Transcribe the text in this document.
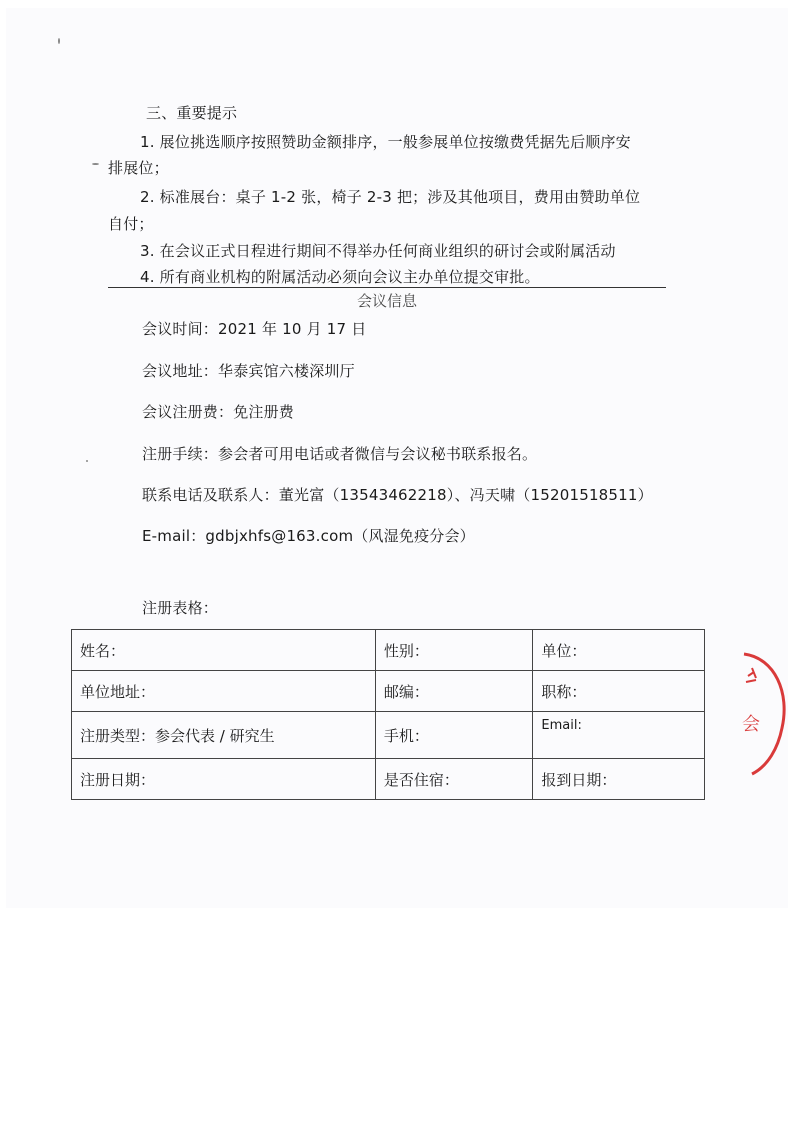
三、重要提示
1. 展位挑选顺序按照赞助金额排序，一般参展单位按缴费凭据先后顺序安
排展位；
2. 标准展台：桌子 1-2 张，椅子 2-3 把；涉及其他项目，费用由赞助单位
自付；
3. 在会议正式日程进行期间不得举办任何商业组织的研讨会或附属活动
4. 所有商业机构的附属活动必须向会议主办单位提交审批。
会议信息
会议时间：2021 年 10 月 17 日
会议地址：华泰宾馆六楼深圳厅
会议注册费：免注册费
注册手续：参会者可用电话或者微信与会议秘书联系报名。
联系电话及联系人：董光富（13543462218）、冯天啸（15201518511）
E-mail：gdbjxhfs@163.com（风湿免疫分会）
注册表格：
姓名：	性别：	单位：
单位地址：	邮编：	职称：
注册类型：参会代表 / 研究生	手机：	Email:
注册日期：	是否住宿：	报到日期：
会
